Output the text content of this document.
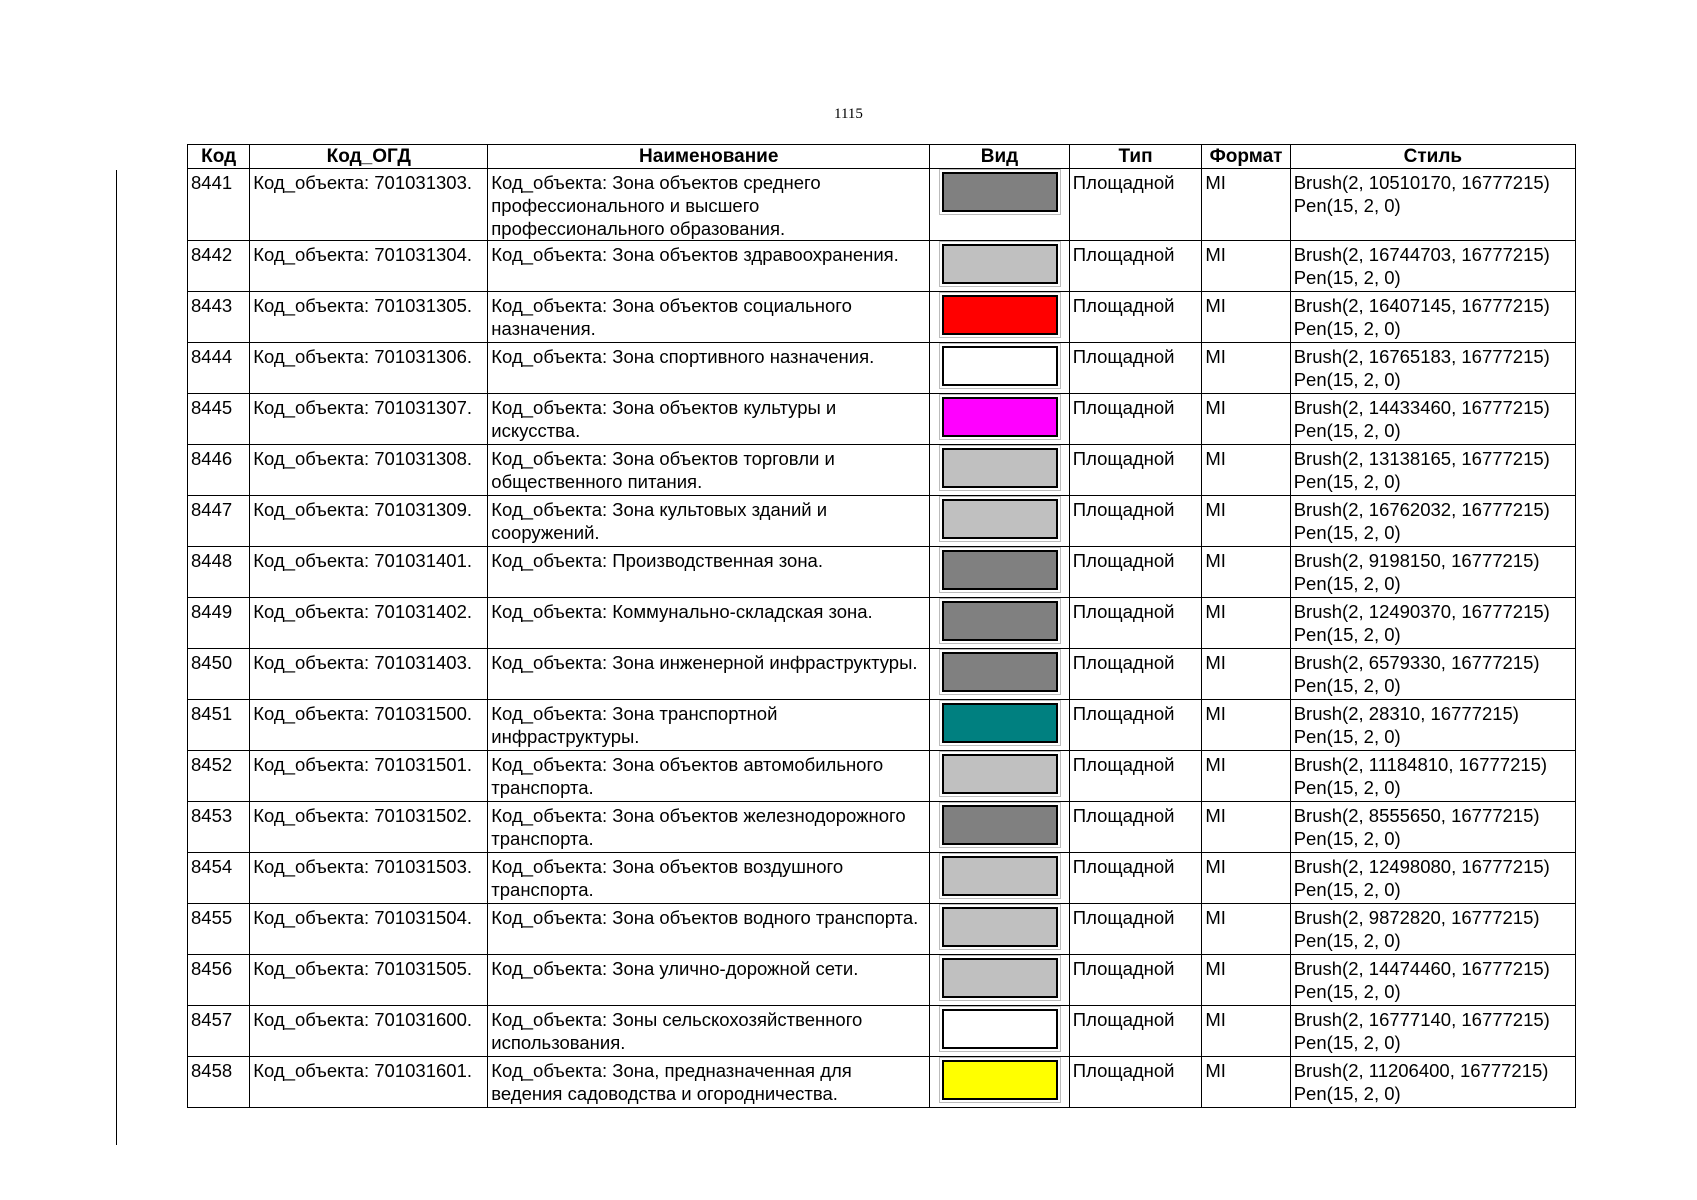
1115
Код	Код_ОГД	Наименование	Вид	Тип	Формат	Стиль
8441	Код_объекта: 701031303.	Код_объекта: Зона объектов среднего профессионального и высшего профессионального образования.		Площадной	MI	Brush(2, 10510170, 16777215)
Pen(15, 2, 0)

8442	Код_объекта: 701031304.	Код_объекта: Зона объектов здравоохранения.		Площадной	MI	Brush(2, 16744703, 16777215)
Pen(15, 2, 0)

8443	Код_объекта: 701031305.	Код_объекта: Зона объектов социального назначения.		Площадной	MI	Brush(2, 16407145, 16777215)
Pen(15, 2, 0)

8444	Код_объекта: 701031306.	Код_объекта: Зона спортивного назначения.		Площадной	MI	Brush(2, 16765183, 16777215)
Pen(15, 2, 0)

8445	Код_объекта: 701031307.	Код_объекта: Зона объектов культуры и искусства.		Площадной	MI	Brush(2, 14433460, 16777215)
Pen(15, 2, 0)

8446	Код_объекта: 701031308.	Код_объекта: Зона объектов торговли и общественного питания.		Площадной	MI	Brush(2, 13138165, 16777215)
Pen(15, 2, 0)

8447	Код_объекта: 701031309.	Код_объекта: Зона культовых зданий и сооружений.		Площадной	MI	Brush(2, 16762032, 16777215)
Pen(15, 2, 0)

8448	Код_объекта: 701031401.	Код_объекта: Производственная зона.		Площадной	MI	Brush(2, 9198150, 16777215)
Pen(15, 2, 0)

8449	Код_объекта: 701031402.	Код_объекта: Коммунально-складская зона.		Площадной	MI	Brush(2, 12490370, 16777215)
Pen(15, 2, 0)

8450	Код_объекта: 701031403.	Код_объекта: Зона инженерной инфраструктуры.		Площадной	MI	Brush(2, 6579330, 16777215)
Pen(15, 2, 0)

8451	Код_объекта: 701031500.	Код_объекта: Зона транспортной инфраструктуры.		Площадной	MI	Brush(2, 28310, 16777215)
Pen(15, 2, 0)

8452	Код_объекта: 701031501.	Код_объекта: Зона объектов автомобильного транспорта.		Площадной	MI	Brush(2, 11184810, 16777215)
Pen(15, 2, 0)

8453	Код_объекта: 701031502.	Код_объекта: Зона объектов железнодорожного транспорта.		Площадной	MI	Brush(2, 8555650, 16777215)
Pen(15, 2, 0)

8454	Код_объекта: 701031503.	Код_объекта: Зона объектов воздушного транспорта.		Площадной	MI	Brush(2, 12498080, 16777215)
Pen(15, 2, 0)

8455	Код_объекта: 701031504.	Код_объекта: Зона объектов водного транспорта.		Площадной	MI	Brush(2, 9872820, 16777215)
Pen(15, 2, 0)

8456	Код_объекта: 701031505.	Код_объекта: Зона улично-дорожной сети.		Площадной	MI	Brush(2, 14474460, 16777215)
Pen(15, 2, 0)

8457	Код_объекта: 701031600.	Код_объекта: Зоны сельскохозяйственного использования.		Площадной	MI	Brush(2, 16777140, 16777215)
Pen(15, 2, 0)

8458	Код_объекта: 701031601.	Код_объекта: Зона, предназначенная для ведения садоводства и огородничества.		Площадной	MI	Brush(2, 11206400, 16777215)
Pen(15, 2, 0)
